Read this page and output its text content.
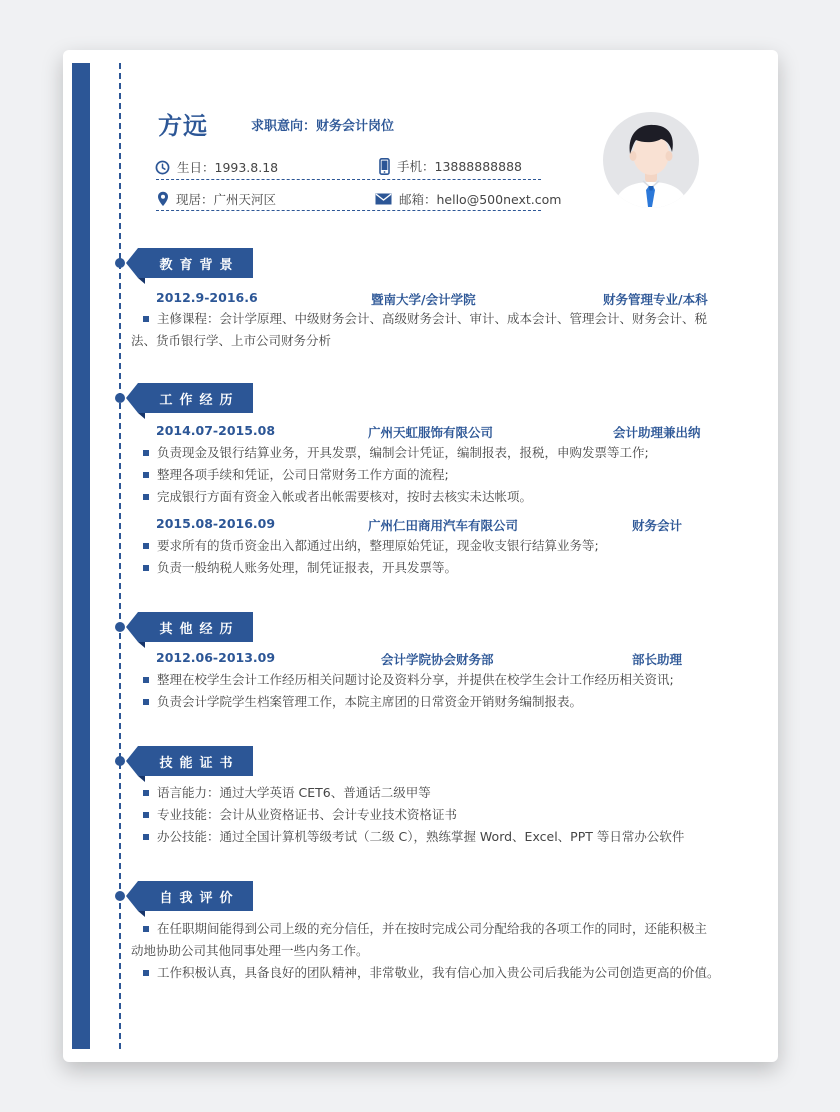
方远	求职意向：财务会计岗位
生日：1993.8.18	手机：13888888888
现居：广州天河区	邮箱：hello@500next.com
教育背景
2012.9-2016.6	暨南大学/会计学院	财务管理专业/本科
主修课程：会计学原理、中级财务会计、高级财务会计、审计、成本会计、管理会计、财务会计、税
法、货币银行学、上市公司财务分析
工作经历
2014.07-2015.08	广州天虹服饰有限公司	会计助理兼出纳
负责现金及银行结算业务，开具发票，编制会计凭证，编制报表，报税，申购发票等工作;
整理各项手续和凭证，公司日常财务工作方面的流程;
完成银行方面有资金入帐或者出帐需要核对，按时去核实未达帐项。
2015.08-2016.09	广州仁田商用汽车有限公司	财务会计
要求所有的货币资金出入都通过出纳，整理原始凭证，现金收支银行结算业务等;
负责一般纳税人账务处理，制凭证报表，开具发票等。
其他经历
2012.06-2013.09	会计学院协会财务部	部长助理
整理在校学生会计工作经历相关问题讨论及资料分享，并提供在校学生会计工作经历相关资讯;
负责会计学院学生档案管理工作，本院主席团的日常资金开销财务编制报表。
技能证书
语言能力：通过大学英语 CET6、普通话二级甲等
专业技能：会计从业资格证书、会计专业技术资格证书
办公技能：通过全国计算机等级考试（二级 C），熟练掌握 Word、Excel、PPT 等日常办公软件
自我评价
在任职期间能得到公司上级的充分信任，并在按时完成公司分配给我的各项工作的同时，还能积极主
动地协助公司其他同事处理一些内务工作。
工作积极认真，具备良好的团队精神，非常敬业，我有信心加入贵公司后我能为公司创造更高的价值。
